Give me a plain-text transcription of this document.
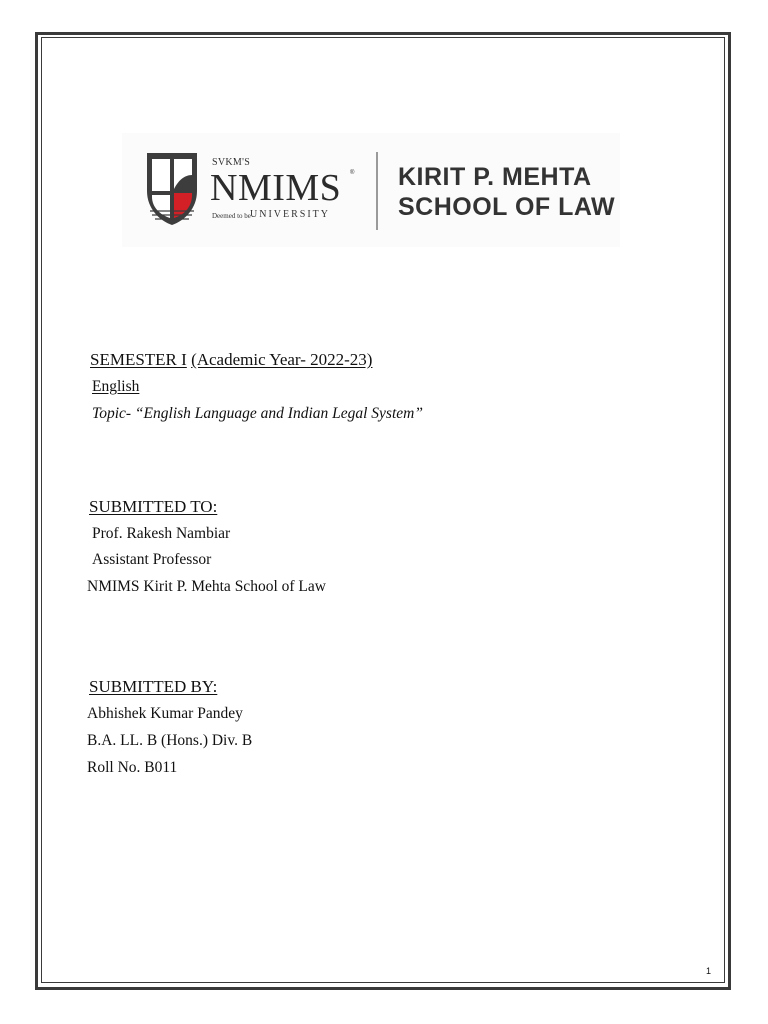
SVKM'S
NMIMS ®
Deemed to be UNIVERSITY
KIRIT P. MEHTA
SCHOOL OF LAW
SEMESTER I (Academic Year- 2022-23)
English
Topic- “English Language and Indian Legal System”
SUBMITTED TO:
Prof. Rakesh Nambiar
Assistant Professor
NMIMS Kirit P. Mehta School of Law
SUBMITTED BY:
Abhishek Kumar Pandey
B.A. LL. B (Hons.) Div. B
Roll No. B011
1
